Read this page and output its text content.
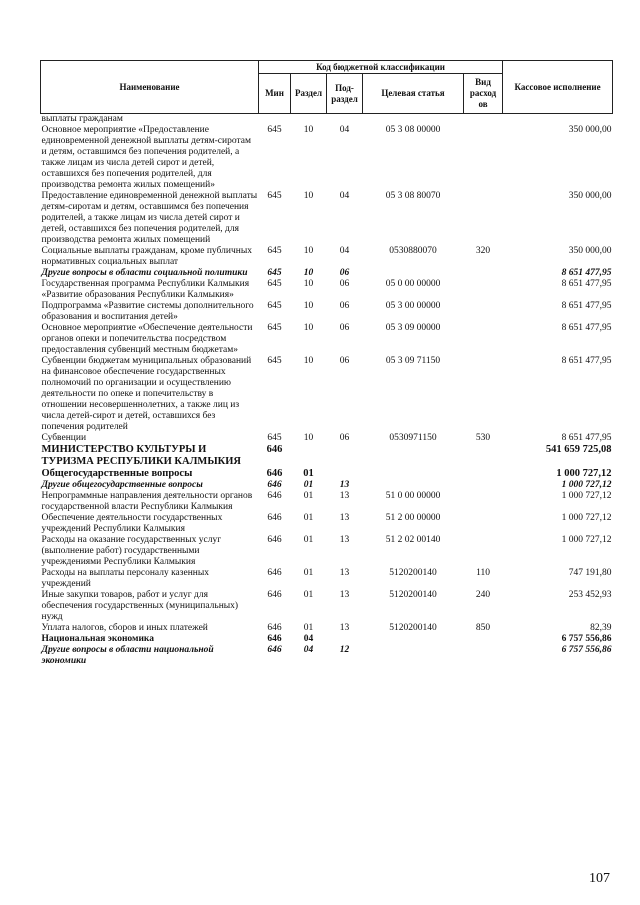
Наименование	Код бюджетной классификации					Кассовое исполнение
	Мин	Раздел	Под-раздел	Целевая статья	Вид расход ов	
выплаты гражданам						
Основное мероприятие «Предоставление единовременной денежной выплаты детям-сиротам и детям, оставшимся без попечения родителей, а также лицам из числа детей сирот и детей, оставшихся без попечения родителей, для производства ремонта жилых помещений»	645	10	04	05 3 08 00000		350 000,00
Предоставление единовременной денежной выплаты детям-сиротам и детям, оставшимся без попечения родителей, а также лицам из числа детей сирот и детей, оставшихся без попечения родителей, для производства ремонта жилых помещений	645	10	04	05 3 08 80070		350 000,00
Социальные выплаты гражданам, кроме публичных нормативных социальных выплат	645	10	04	0530880070	320	350 000,00
Другие вопросы в области социальной политики	645	10	06			8 651 477,95
Государственная программа Республики Калмыкия «Развитие образования Республики Калмыкия»	645	10	06	05 0 00 00000		8 651 477,95
Подпрограмма «Развитие системы дополнительного образования и воспитания детей»	645	10	06	05 3 00 00000		8 651 477,95
Основное мероприятие «Обеспечение деятельности органов опеки и попечительства посредством предоставления субвенций местным бюджетам»	645	10	06	05 3 09 00000		8 651 477,95
Субвенции бюджетам муниципальных образований на финансовое обеспечение государственных полномочий по организации и осуществлению деятельности по опеке и попечительству в отношении несовершеннолетних, а также лиц из числа детей-сирот и детей, оставшихся без попечения родителей	645	10	06	05 3 09 71150		8 651 477,95
Субвенции	645	10	06	0530971150	530	8 651 477,95
МИНИСТЕРСТВО КУЛЬТУРЫ И ТУРИЗМА РЕСПУБЛИКИ КАЛМЫКИЯ	646					541 659 725,08
Общегосударственные вопросы	646	01				1 000 727,12
Другие общегосударственные вопросы	646	01	13			1 000 727,12
Непрограммные направления деятельности органов государственной власти Республики Калмыкия	646	01	13	51 0 00 00000		1 000 727,12
Обеспечение деятельности государственных учреждений Республики Калмыкия	646	01	13	51 2 00 00000		1 000 727,12
Расходы на оказание государственных услуг (выполнение работ) государственными учреждениями Республики Калмыкия	646	01	13	51 2 02 00140		1 000 727,12
Расходы на выплаты персоналу казенных учреждений	646	01	13	5120200140	110	747 191,80
Иные закупки товаров, работ и услуг для обеспечения государственных (муниципальных) нужд	646	01	13	5120200140	240	253 452,93
Уплата налогов, сборов и иных платежей	646	01	13	5120200140	850	82,39
Национальная экономика	646	04				6 757 556,86
Другие вопросы в области национальной экономики	646	04	12			6 757 556,86
107
